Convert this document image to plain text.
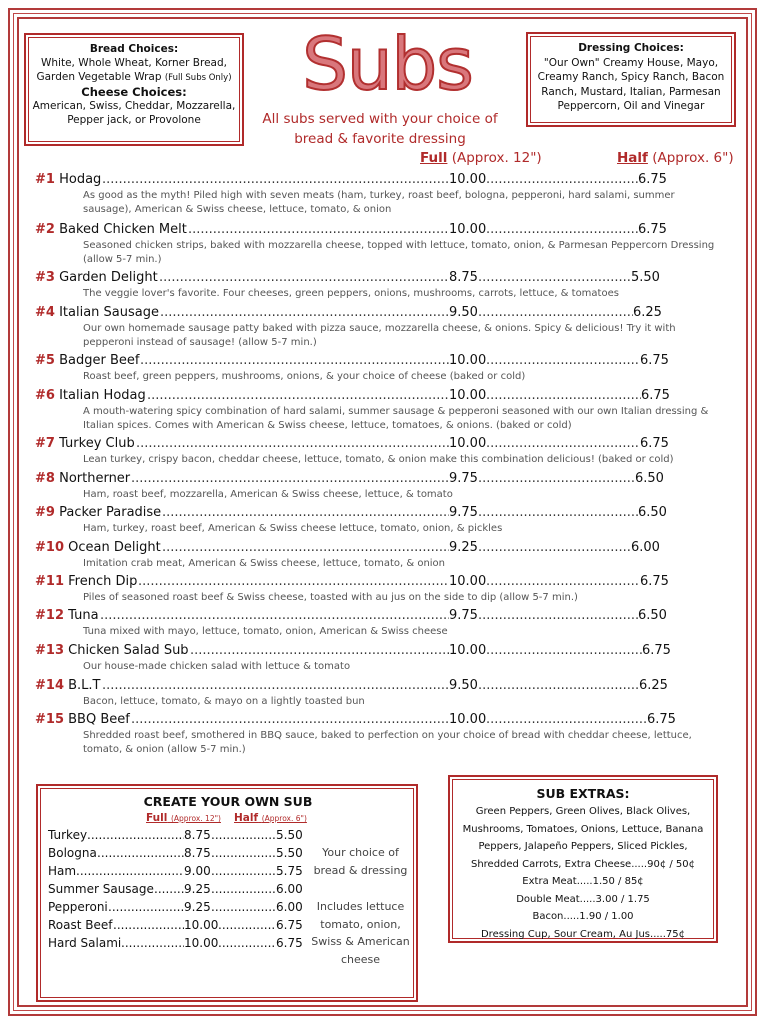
Bread Choices:
White, Whole Wheat, Korner Bread,
Garden Vegetable Wrap (Full Subs Only)
Cheese Choices:
American, Swiss, Cheddar, Mozzarella,
Pepper jack, or Provolone
Subs
All subs served with your choice of bread & favorite dressing
Dressing Choices:
"Our Own" Creamy House, Mayo, Creamy Ranch, Spicy Ranch, Bacon Ranch, Mustard, Italian, Parmesan Peppercorn, Oil and Vinegar
Full (Approx. 12")	Half (Approx. 6")
#1 Hodag .....	10.00 .....	6.75
As good as the myth! Piled high with seven meats (ham, turkey, roast beef, bologna, pepperoni, hard salami, summer sausage), American & Swiss cheese, lettuce, tomato, & onion
#2 Baked Chicken Melt .....	10.00 .....	6.75
Seasoned chicken strips, baked with mozzarella cheese, topped with lettuce, tomato, onion, & Parmesan Peppercorn Dressing (allow 5-7 min.)
#3 Garden Delight .....	8.75 .....	5.50
The veggie lover's favorite. Four cheeses, green peppers, onions, mushrooms, carrots, lettuce, & tomatoes
#4 Italian Sausage .....	9.50 .....	6.25
Our own homemade sausage patty baked with pizza sauce, mozzarella cheese, & onions. Spicy & delicious! Try it with pepperoni instead of sausage! (allow 5-7 min.)
#5 Badger Beef .....	10.00 .....	6.75
Roast beef, green peppers, mushrooms, onions, & your choice of cheese (baked or cold)
#6 Italian Hodag .....	10.00 .....	6.75
A mouth-watering spicy combination of hard salami, summer sausage & pepperoni seasoned with our own Italian dressing & Italian spices. Comes with American & Swiss cheese, lettuce, tomatoes, & onions. (baked or cold)
#7 Turkey Club .....	10.00 .....	6.75
Lean turkey, crispy bacon, cheddar cheese, lettuce, tomato, & onion make this combination delicious! (baked or cold)
#8 Northerner .....	9.75 .....	6.50
Ham, roast beef, mozzarella, American & Swiss cheese, lettuce, & tomato
#9 Packer Paradise .....	9.75 .....	6.50
Ham, turkey, roast beef, American & Swiss cheese lettuce, tomato, onion, & pickles
#10 Ocean Delight .....	9.25 .....	6.00
Imitation crab meat, American & Swiss cheese, lettuce, tomato, & onion
#11 French Dip .....	10.00 .....	6.75
Piles of seasoned roast beef & Swiss cheese, toasted with au jus on the side to dip (allow 5-7 min.)
#12 Tuna .....	9.75 .....	6.50
Tuna mixed with mayo, lettuce, tomato, onion, American & Swiss cheese
#13 Chicken Salad Sub .....	10.00 .....	6.75
Our house-made chicken salad with lettuce & tomato
#14 B.L.T .....	9.50 .....	6.25
Bacon, lettuce, tomato, & mayo on a lightly toasted bun
#15 BBQ Beef .....	10.00 .....	6.75
Shredded roast beef, smothered in BBQ sauce, baked to perfection on your choice of bread with cheddar cheese, lettuce, tomato, & onion (allow 5-7 min.)
CREATE YOUR OWN SUB
Full (Approx. 12") Half (Approx. 6")
Turkey .....	8.75 .....	5.50
Bologna .....	8.75 .....	5.50
Ham .....	9.00 .....	5.75
Summer Sausage .....	9.25 .....	6.00
Pepperoni .....	9.25 .....	6.00
Roast Beef .....	10.00 .....	6.75
Hard Salami .....	10.00 .....	6.75
Your choice of bread & dressing
Includes lettuce tomato, onion, Swiss & American cheese
SUB EXTRAS:
Green Peppers, Green Olives, Black Olives, Mushrooms, Tomatoes, Onions, Lettuce, Banana Peppers, Jalapeño Peppers, Sliced Pickles, Shredded Carrots, Extra Cheese.....90¢ / 50¢
Extra Meat.....1.50 / 85¢
Double Meat.....3.00 / 1.75
Bacon.....1.90 / 1.00
Dressing Cup, Sour Cream, Au Jus.....75¢
